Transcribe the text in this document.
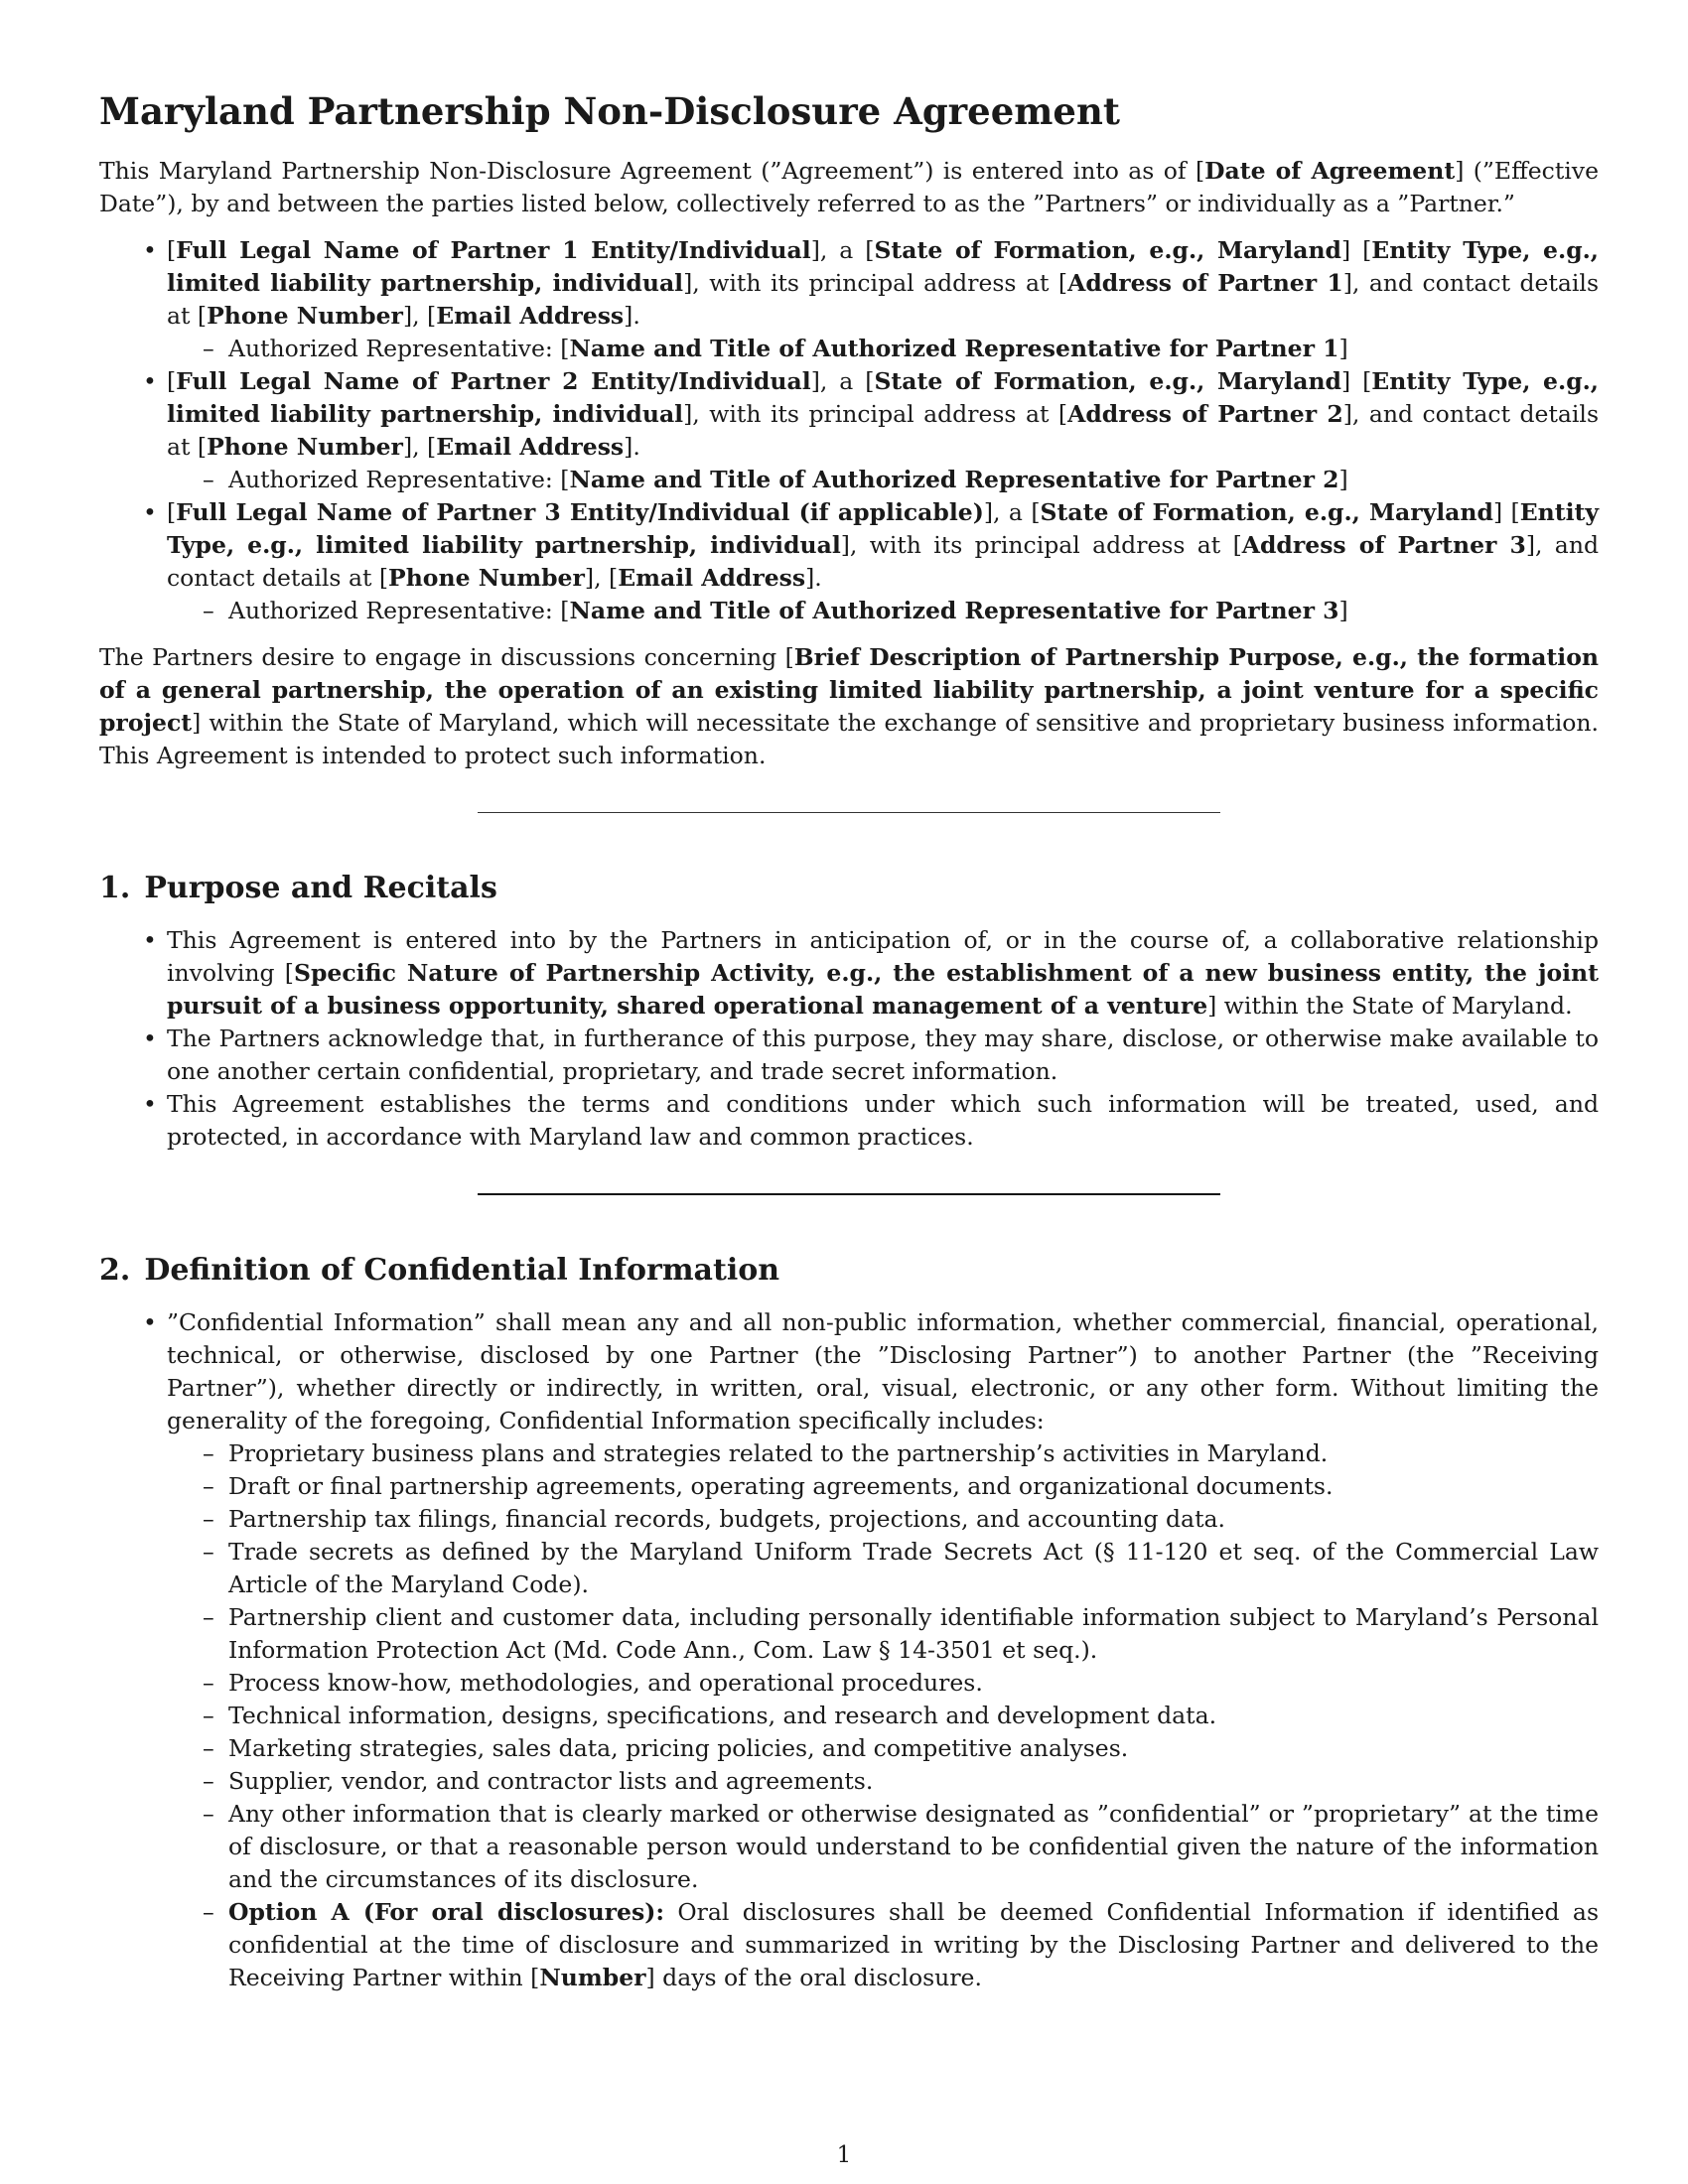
Maryland Partnership Non-Disclosure Agreement

This Maryland Partnership Non-Disclosure Agreement (”Agreement”) is entered into as of [Date of Agreement] (”Effective Date”), by and between the parties listed below, collectively referred to as the ”Partners” or individually as a ”Partner.”

• [Full Legal Name of Partner 1 Entity/Individual], a [State of Formation, e.g., Maryland] [Entity Type, e.g., limited liability partnership, individual], with its principal address at [Address of Partner 1], and contact details at [Phone Number], [Email Address].
– Authorized Representative: [Name and Title of Authorized Representative for Partner 1]
• [Full Legal Name of Partner 2 Entity/Individual], a [State of Formation, e.g., Maryland] [Entity Type, e.g., limited liability partnership, individual], with its principal address at [Address of Partner 2], and contact details at [Phone Number], [Email Address].
– Authorized Representative: [Name and Title of Authorized Representative for Partner 2]
• [Full Legal Name of Partner 3 Entity/Individual (if applicable)], a [State of Formation, e.g., Maryland] [Entity Type, e.g., limited liability partnership, individual], with its principal address at [Address of Partner 3], and contact details at [Phone Number], [Email Address].
– Authorized Representative: [Name and Title of Authorized Representative for Partner 3]

The Partners desire to engage in discussions concerning [Brief Description of Partnership Purpose, e.g., the formation of a general partnership, the operation of an existing limited liability partnership, a joint venture for a specific project] within the State of Maryland, which will necessitate the exchange of sensitive and proprietary business information. This Agreement is intended to protect such information.

1. Purpose and Recitals
• This Agreement is entered into by the Partners in anticipation of, or in the course of, a collaborative relationship involving [Specific Nature of Partnership Activity, e.g., the establishment of a new business entity, the joint pursuit of a business opportunity, shared operational management of a venture] within the State of Maryland.
• The Partners acknowledge that, in furtherance of this purpose, they may share, disclose, or otherwise make available to one another certain confidential, proprietary, and trade secret information.
• This Agreement establishes the terms and conditions under which such information will be treated, used, and protected, in accordance with Maryland law and common practices.
2. Definition of Confidential Information
• ”Confidential Information” shall mean any and all non-public information, whether commercial, financial, operational, technical, or otherwise, disclosed by one Partner (the ”Disclosing Partner”) to another Partner (the ”Receiving Partner”), whether directly or indirectly, in written, oral, visual, electronic, or any other form. Without limiting the generality of the foregoing, Confidential Information specifically includes:
– Proprietary business plans and strategies related to the partnership’s activities in Maryland.
– Draft or final partnership agreements, operating agreements, and organizational documents.
– Partnership tax filings, financial records, budgets, projections, and accounting data.
– Trade secrets as defined by the Maryland Uniform Trade Secrets Act (§ 11-120 et seq. of the Commercial Law Article of the Maryland Code).
– Partnership client and customer data, including personally identifiable information subject to Maryland’s Personal Information Protection Act (Md. Code Ann., Com. Law § 14-3501 et seq.).
– Process know-how, methodologies, and operational procedures.
– Technical information, designs, specifications, and research and development data.
– Marketing strategies, sales data, pricing policies, and competitive analyses.
– Supplier, vendor, and contractor lists and agreements.
– Any other information that is clearly marked or otherwise designated as ”confidential” or ”proprietary” at the time of disclosure, or that a reasonable person would understand to be confidential given the nature of the information and the circumstances of its disclosure.
– Option A (For oral disclosures): Oral disclosures shall be deemed Confidential Information if identified as confidential at the time of disclosure and summarized in writing by the Disclosing Partner and delivered to the Receiving Partner within [Number] days of the oral disclosure.
1
